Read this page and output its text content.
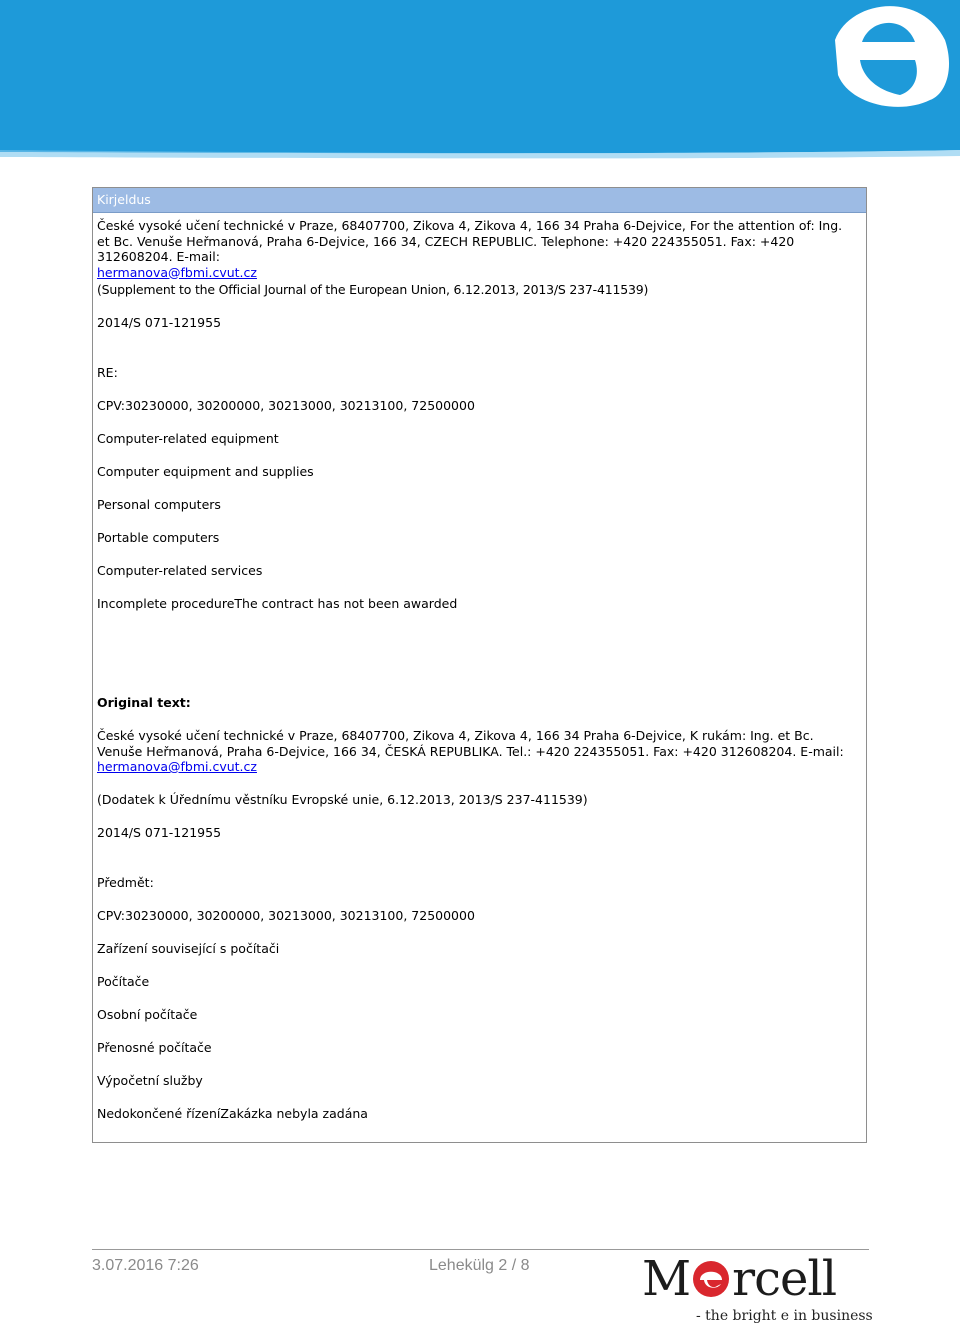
Kirjeldus

České vysoké učení technické v Praze, 68407700, Zikova 4, Zikova 4, 166 34 Praha 6-Dejvice, For the attention of: Ing. et Bc. Venuše Heřmanová, Praha 6-Dejvice, 166 34, CZECH REPUBLIC. Telephone: +420 224355051. Fax: +420 312608204. E-mail:
hermanova@fbmi.cvut.cz

(Supplement to the Official Journal of the European Union, 6.12.2013, 2013/S 237-411539)

2014/S 071-121955

RE:

CPV:30230000, 30200000, 30213000, 30213100, 72500000

Computer-related equipment

Computer equipment and supplies

Personal computers

Portable computers

Computer-related services

Incomplete procedureThe contract has not been awarded

Original text:

České vysoké učení technické v Praze, 68407700, Zikova 4, Zikova 4, 166 34 Praha 6-Dejvice, K rukám: Ing. et Bc. Venuše Heřmanová, Praha 6-Dejvice, 166 34, ČESKÁ REPUBLIKA. Tel.: +420 224355051. Fax: +420 312608204. E-mail:
hermanova@fbmi.cvut.cz

(Dodatek k Úřednímu věstníku Evropské unie, 6.12.2013, 2013/S 237-411539)

2014/S 071-121955

Předmět:

CPV:30230000, 30200000, 30213000, 30213100, 72500000

Zařízení související s počítači

Počítače

Osobní počítače

Přenosné počítače

Výpočetní služby

Nedokončené řízeníZakázka nebyla zadána

3.07.2016 7:26	Lehekülg 2 / 8 M rcell
- the bright e in business
